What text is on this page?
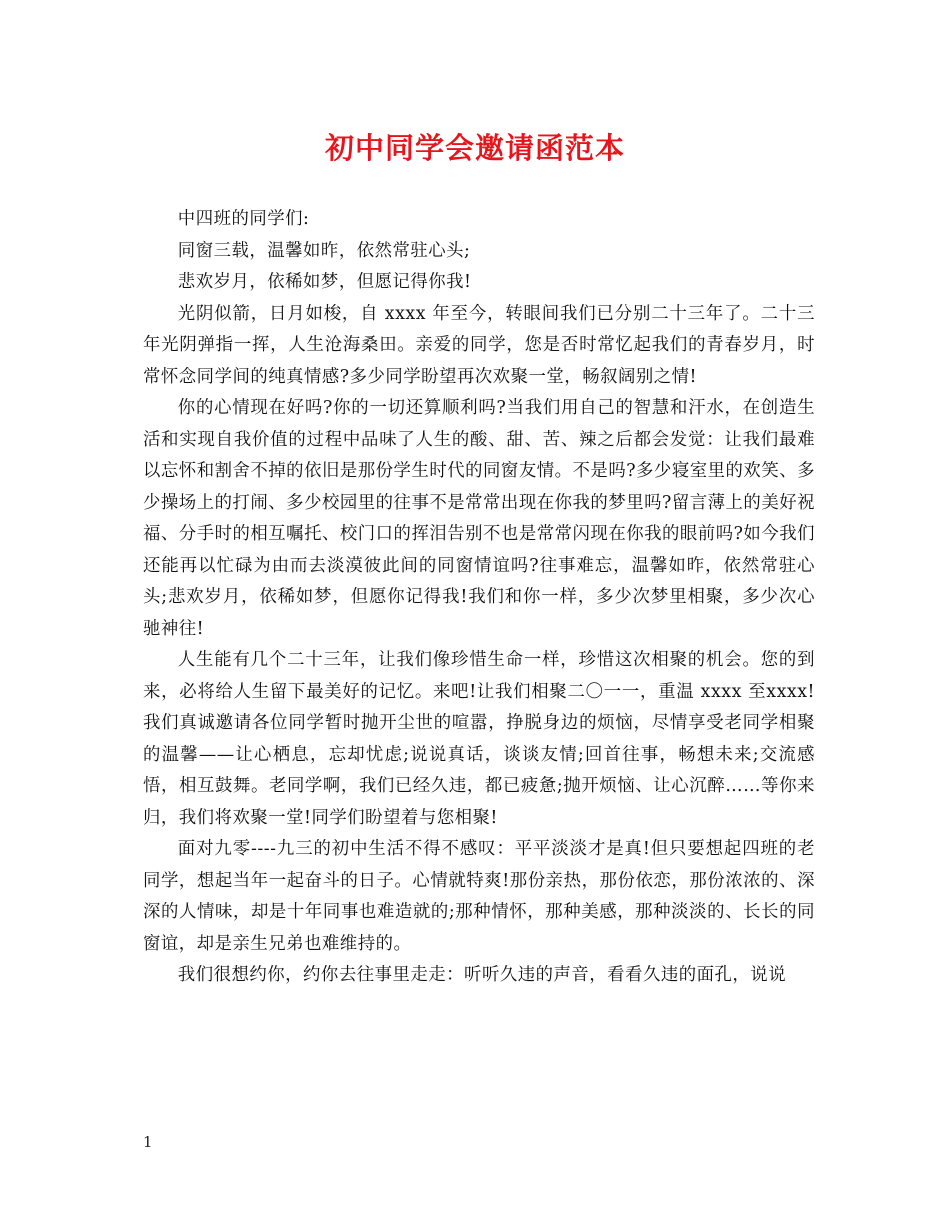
初中同学会邀请函范本

中四班的同学们:

同窗三载，温馨如昨，依然常驻心头;

悲欢岁月，依稀如梦，但愿记得你我!

光阴似箭，日月如梭，自 xxxx 年至今，转眼间我们已分别二十三年了。二十三年光阴弹指一挥，人生沧海桑田。亲爱的同学，您是否时常忆起我们的青春岁月，时常怀念同学间的纯真情感?多少同学盼望再次欢聚一堂，畅叙阔别之情!

你的心情现在好吗?你的一切还算顺利吗?当我们用自己的智慧和汗水，在创造生活和实现自我价值的过程中品味了人生的酸、甜、苦、辣之后都会发觉：让我们最难以忘怀和割舍不掉的依旧是那份学生时代的同窗友情。不是吗?多少寝室里的欢笑、多少操场上的打闹、多少校园里的往事不是常常出现在你我的梦里吗?留言薄上的美好祝福、分手时的相互嘱托、校门口的挥泪告别不也是常常闪现在你我的眼前吗?如今我们还能再以忙碌为由而去淡漠彼此间的同窗情谊吗?往事难忘，温馨如昨，依然常驻心头;悲欢岁月，依稀如梦，但愿你记得我!我们和你一样，多少次梦里相聚，多少次心驰神往!

人生能有几个二十三年，让我们像珍惜生命一样，珍惜这次相聚的机会。您的到来，必将给人生留下最美好的记忆。来吧!让我们相聚二〇一一，重温 xxxx 至xxxx!我们真诚邀请各位同学暂时抛开尘世的喧嚣，挣脱身边的烦恼，尽情享受老同学相聚的温馨——让心栖息，忘却忧虑;说说真话，谈谈友情;回首往事，畅想未来;交流感悟，相互鼓舞。老同学啊，我们已经久违，都已疲惫;抛开烦恼、让心沉醉……等你来归，我们将欢聚一堂!同学们盼望着与您相聚!

面对九零----九三的初中生活不得不感叹：平平淡淡才是真!但只要想起四班的老同学，想起当年一起奋斗的日子。心情就特爽!那份亲热，那份依恋，那份浓浓的、深深的人情味，却是十年同事也难造就的;那种情怀，那种美感，那种淡淡的、长长的同窗谊，却是亲生兄弟也难维持的。

我们很想约你，约你去往事里走走：听听久违的声音，看看久违的面孔，说说

1
